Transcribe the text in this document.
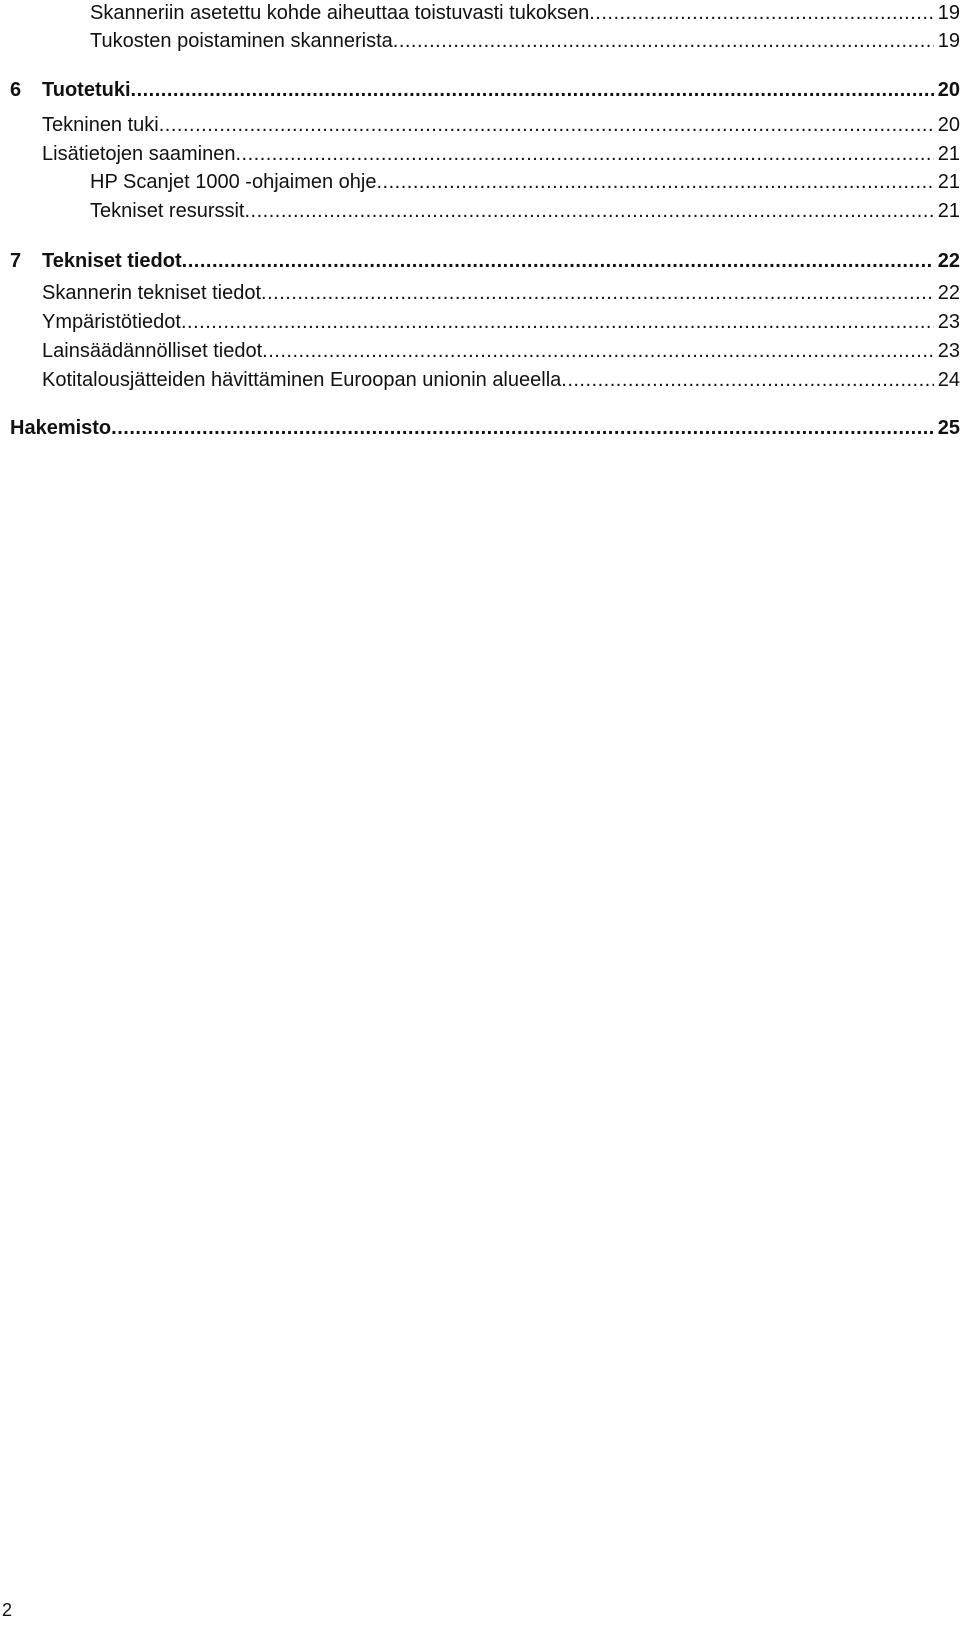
Skanneriin asetettu kohde aiheuttaa toistuvasti tukoksen .....	19
Tukosten poistaminen skannerista .....	19
6	Tuotetuki .....	20
Tekninen tuki .....	20
Lisätietojen saaminen .....	21
HP Scanjet 1000 -ohjaimen ohje .....	21
Tekniset resurssit .....	21
7	Tekniset tiedot .....	22
Skannerin tekniset tiedot .....	22
Ympäristötiedot .....	23
Lainsäädännölliset tiedot .....	23
Kotitalousjätteiden hävittäminen Euroopan unionin alueella .....	24
Hakemisto .....	25
2
